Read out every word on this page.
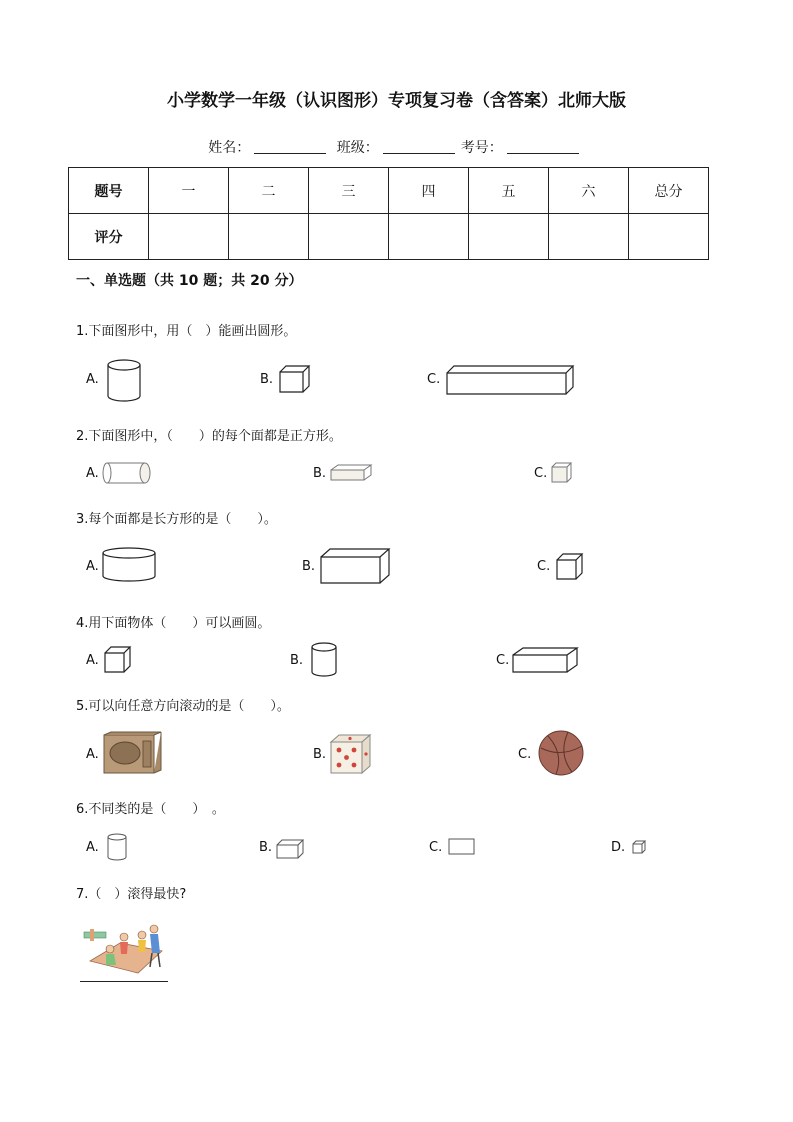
小学数学一年级（认识图形）专项复习卷（含答案）北师大版
姓名：	班级：	考号：
题号	一	二	三	四	五	六	总分
评分							
一、单选题（共 10 题；共 20 分）
1.下面图形中，用（　）能画出圆形。
A.	B.	C.
2.下面图形中，（　　）的每个面都是正方形。
A.	B.	C.
3.每个面都是长方形的是（　　）。
A.	B.	C.
4.用下面物体（　　）可以画圆。
A.	B.	C.
5.可以向任意方向滚动的是（　　）。
A.	B.	C.
6.不同类的是（　　）　。
A.	B.	C.	D.
7.（　）滚得最快?
